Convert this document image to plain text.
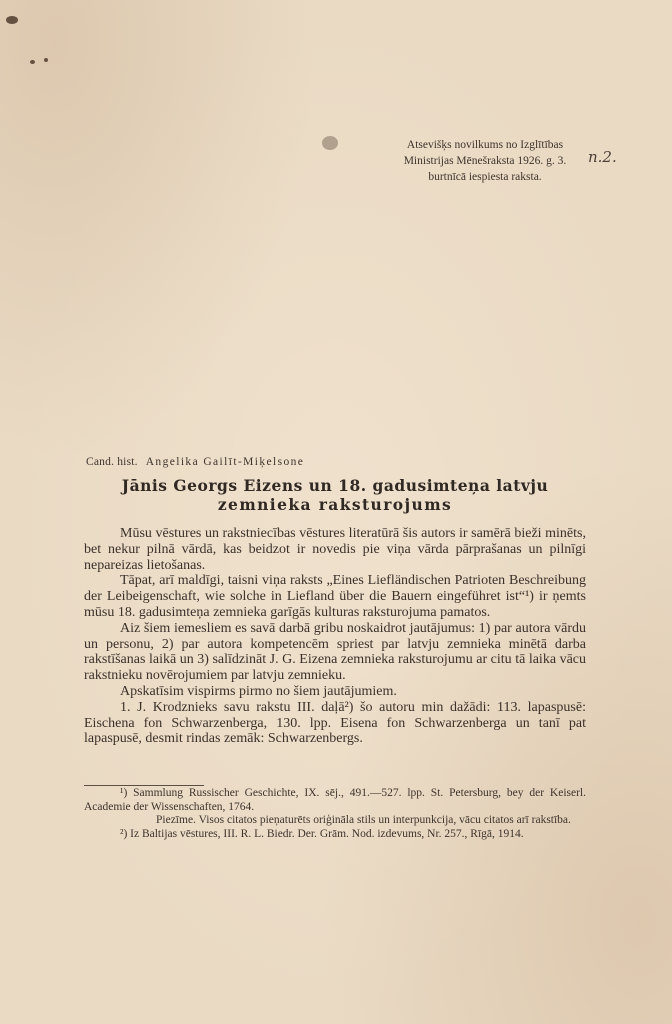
Atsevišķs novilkums no Izglītības
Ministrijas Mēnešraksta 1926. g. 3.
burtnīcā iespiesta raksta.
n.2.
Cand. hist. Angelika Gailīt-Miķelsone
Jānis Georgs Eizens un 18. gadusimteņa latvju
zemnieka raksturojums

Mūsu vēstures un rakstniecības vēstures literatūrā šis autors ir samērā bieži minēts, bet nekur pilnā vārdā, kas beidzot ir novedis pie viņa vārda pārprašanas un pilnīgi nepareizas lietošanas.

Tāpat, arī maldīgi, taisni viņa raksts „Eines Liefländischen Patrioten Beschreibung der Leibeigenschaft, wie solche in Liefland über die Bauern eingeführet ist“¹) ir ņemts mūsu 18. gadusimteņa zemnieka garīgās kulturas raksturojuma pamatos.

Aiz šiem iemesliem es savā darbā gribu noskaidrot jautājumus: 1) par autora vārdu un personu, 2) par autora kompetencēm spriest par latvju zemnieka minētā darba rakstīšanas laikā un 3) salīdzināt J. G. Eizena zemnieka raksturojumu ar citu tā laika vācu rakstnieku novērojumiem par latvju zemnieku.

Apskatīsim vispirms pirmo no šiem jautājumiem.

1. J. Krodznieks savu rakstu III. daļā²) šo autoru min dažādi: 113. lapaspusē: Eischena fon Schwarzenberga, 130. lpp. Eisena fon Schwarzenberga un tanī pat lapaspusē, desmit rindas zemāk: Schwarzenbergs.

¹) Sammlung Russischer Geschichte, IX. sēj., 491.—527. lpp. St. Petersburg, bey der Keiserl. Academie der Wissenschaften, 1764.

Piezīme. Visos citatos pieņaturēts oriģināla stils un interpunkcija, vācu citatos arī rakstība.

²) Iz Baltijas vēstures, III. R. L. Biedr. Der. Grām. Nod. izdevums, Nr. 257., Rīgā, 1914.
